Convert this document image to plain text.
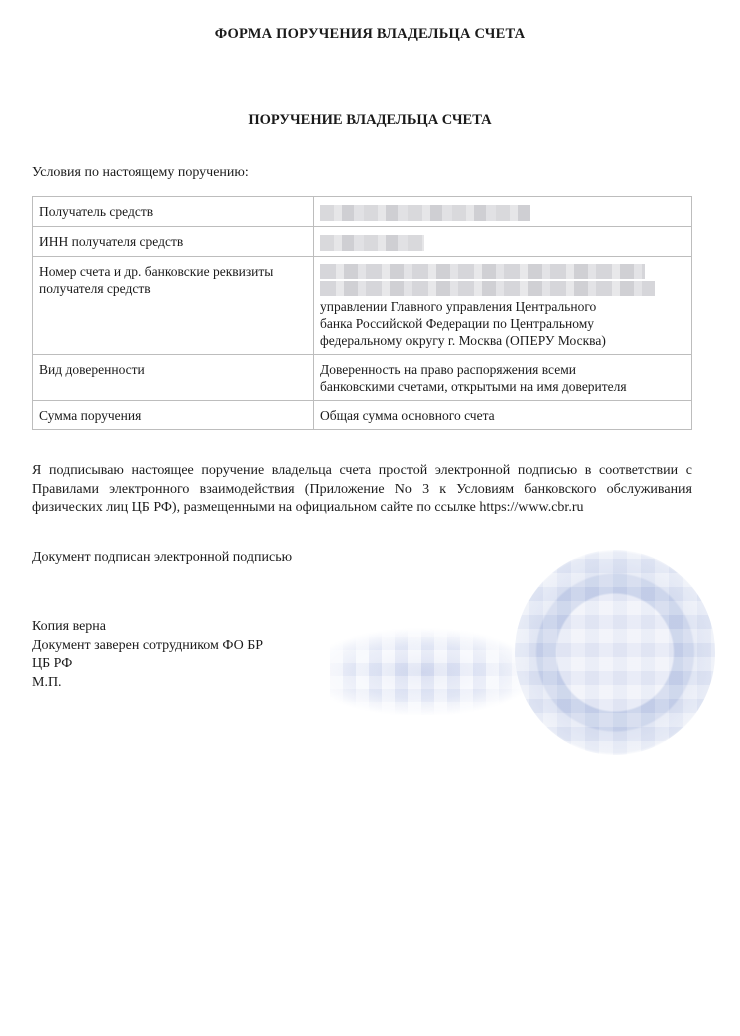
ФОРМА ПОРУЧЕНИЯ ВЛАДЕЛЬЦА СЧЕТА
ПОРУЧЕНИЕ ВЛАДЕЛЬЦА СЧЕТА
Условия по настоящему поручению:
Получатель средств	
ИНН получателя средств	
Номер счета и др. банковские реквизиты получателя средств	управлении Главного управления Центрального
банка Российской Федерации по Центральному
федеральному округу г. Москва (ОПЕРУ Москва)

Вид доверенности	Доверенность на право распоряжения всеми
банковскими счетами, открытыми на имя доверителя

Сумма поручения	Общая сумма основного счета
Я подписываю настоящее поручение владельца счета простой электронной подписью в соответствии с Правилами электронного взаимодействия (Приложение No 3 к Условиям банковского обслуживания физических лиц ЦБ РФ), размещенными на официальном сайте по ссылке https://www.cbr.ru
Документ подписан электронной подписью
Копия верна
Документ заверен сотрудником ФО БР
ЦБ РФ
М.П.
